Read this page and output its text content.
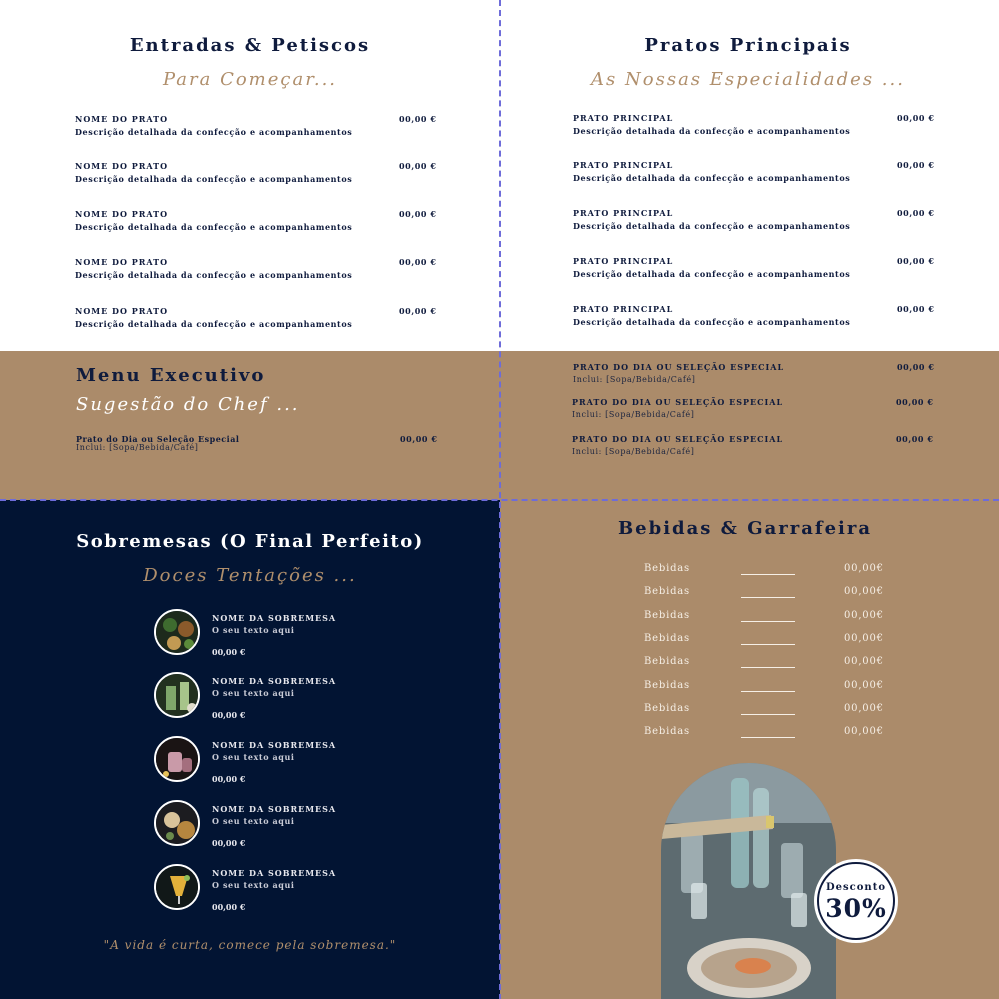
Entradas & Petiscos
Para Começar...
NOME DO PRATO
Descrição detalhada da confecção e acompanhamentos
00,00 €
NOME DO PRATO
Descrição detalhada da confecção e acompanhamentos
00,00 €
NOME DO PRATO
Descrição detalhada da confecção e acompanhamentos
00,00 €
NOME DO PRATO
Descrição detalhada da confecção e acompanhamentos
00,00 €
NOME DO PRATO
Descrição detalhada da confecção e acompanhamentos
00,00 €
Pratos Principais
As Nossas Especialidades ...
PRATO PRINCIPAL
Descrição detalhada da confecção e acompanhamentos
00,00 €
PRATO PRINCIPAL
Descrição detalhada da confecção e acompanhamentos
00,00 €
PRATO PRINCIPAL
Descrição detalhada da confecção e acompanhamentos
00,00 €
PRATO PRINCIPAL
Descrição detalhada da confecção e acompanhamentos
00,00 €
PRATO PRINCIPAL
Descrição detalhada da confecção e acompanhamentos
00,00 €
Menu Executivo
Sugestão do Chef ...
Prato do Dia ou Seleção Especial
Inclui: [Sopa/Bebida/Café]
00,00 €
PRATO DO DIA OU SELEÇÃO ESPECIAL
Inclui: [Sopa/Bebida/Café]
00,00 €
PRATO DO DIA OU SELEÇÃO ESPECIAL
Inclui: [Sopa/Bebida/Café]
00,00 €
PRATO DO DIA OU SELEÇÃO ESPECIAL
Inclui: [Sopa/Bebida/Café]
00,00 €
Sobremesas (O Final Perfeito)
Doces Tentações ...
NOME DA SOBREMESA
O seu texto aqui
00,00 €
NOME DA SOBREMESA
O seu texto aqui
00,00 €
NOME DA SOBREMESA
O seu texto aqui
00,00 €
NOME DA SOBREMESA
O seu texto aqui
00,00 €
NOME DA SOBREMESA
O seu texto aqui
00,00 €
"A vida é curta, comece pela sobremesa."
Bebidas & Garrafeira
Bebidas	00,00€
Bebidas	00,00€
Bebidas	00,00€
Bebidas	00,00€
Bebidas	00,00€
Bebidas	00,00€
Bebidas	00,00€
Bebidas	00,00€
Desconto
30%
